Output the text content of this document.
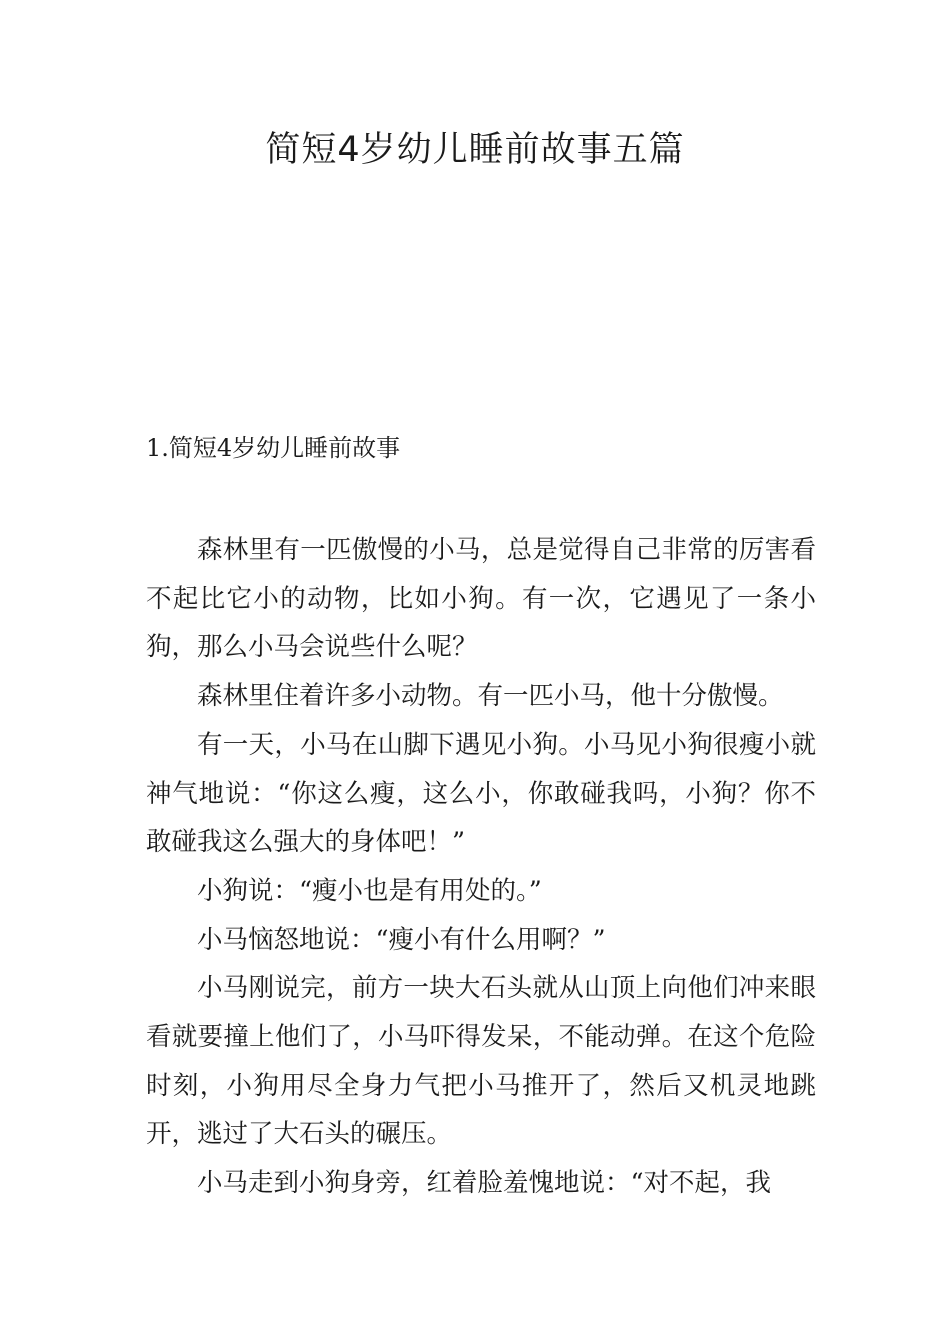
简短4岁幼儿睡前故事五篇
1.简短4岁幼儿睡前故事

森林里有一匹傲慢的小马，总是觉得自己非常的厉害看不起比它小的动物，比如小狗。有一次，它遇见了一条小狗，那么小马会说些什么呢？

森林里住着许多小动物。有一匹小马，他十分傲慢。

有一天，小马在山脚下遇见小狗。小马见小狗很瘦小就神气地说：“你这么瘦，这么小，你敢碰我吗，小狗？你不敢碰我这么强大的身体吧！”

小狗说：“瘦小也是有用处的。”

小马恼怒地说：“瘦小有什么用啊？”

小马刚说完，前方一块大石头就从山顶上向他们冲来眼看就要撞上他们了，小马吓得发呆，不能动弹。在这个危险时刻，小狗用尽全身力气把小马推开了，然后又机灵地跳开，逃过了大石头的碾压。

小马走到小狗身旁，红着脸羞愧地说：“对不起，我
